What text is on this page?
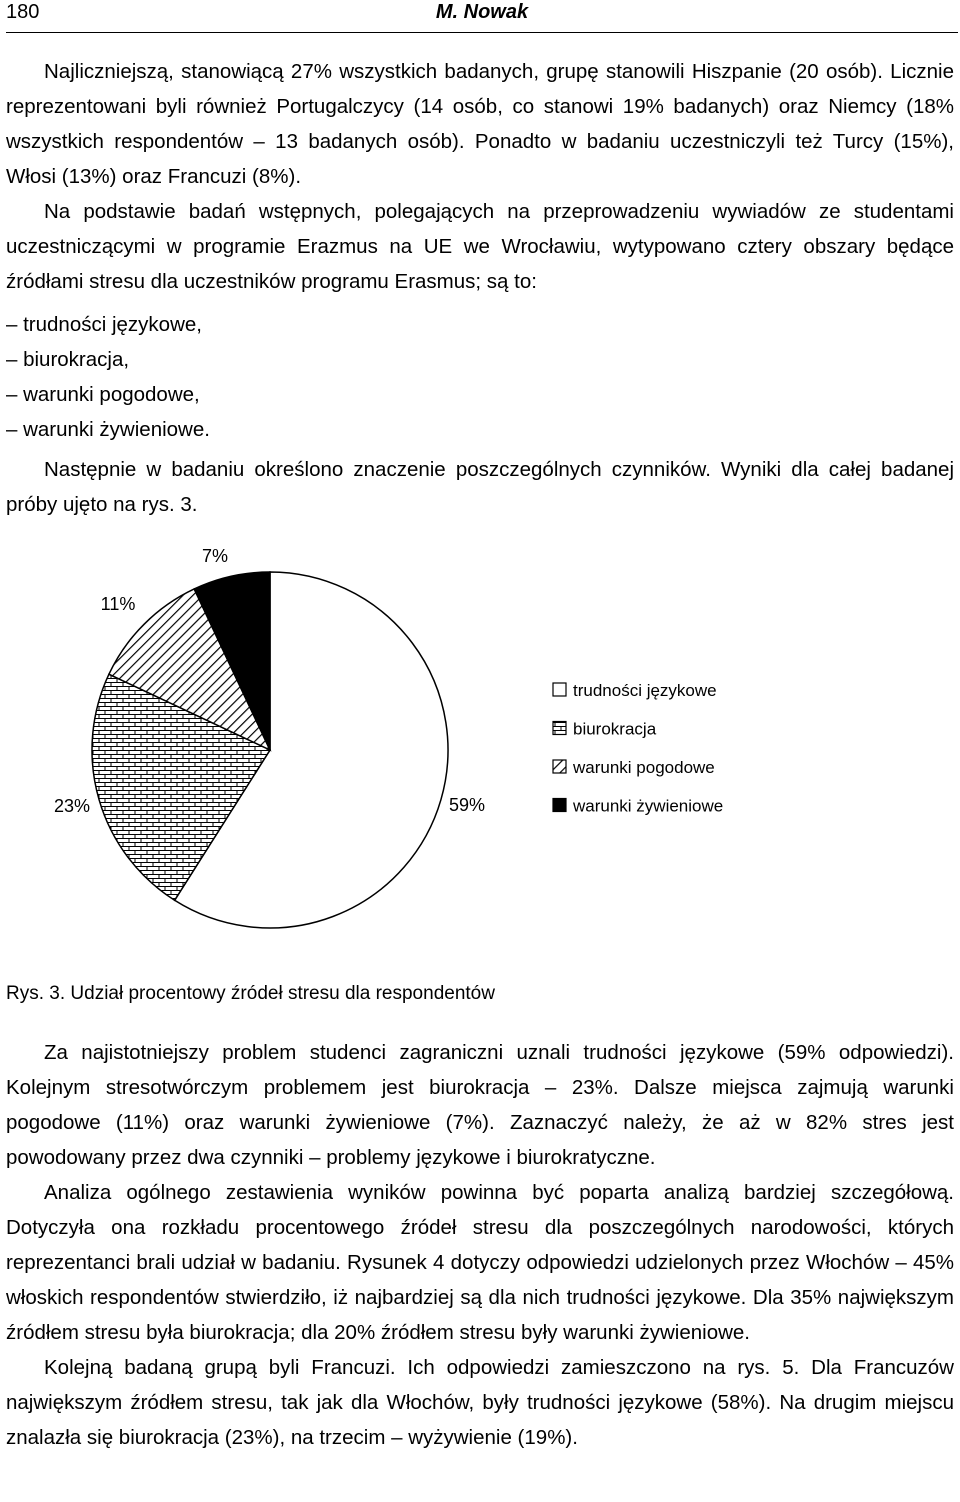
180	M. Nowak

Najliczniejszą, stanowiącą 27% wszystkich badanych, grupę stanowili Hiszpanie (20 osób). Licznie reprezentowani byli również Portugalczycy (14 osób, co stanowi 19% badanych) oraz Niemcy (18% wszystkich respondentów – 13 badanych osób). Ponadto w badaniu uczestniczyli też Turcy (15%), Włosi (13%) oraz Francuzi (8%).

Na podstawie badań wstępnych, polegających na przeprowadzeniu wywiadów ze studentami uczestniczącymi w programie Erazmus na UE we Wrocławiu, wytypowano cztery obszary będące źródłami stresu dla uczestników programu Erasmus; są to:

– trudności językowe,
– biurokracja,
– warunki pogodowe,
– warunki żywieniowe.

Następnie w badaniu określono znaczenie poszczególnych czynników. Wyniki dla całej badanej próby ujęto na rys. 3.

59%
23%
11%
7%
trudności językowe
biurokracja
warunki pogodowe
warunki żywieniowe
Rys. 3. Udział procentowy źródeł stresu dla respondentów

Za najistotniejszy problem studenci zagraniczni uznali trudności językowe (59% odpowiedzi). Kolejnym stresotwórczym problemem jest biurokracja – 23%. Dalsze miejsca zajmują warunki pogodowe (11%) oraz warunki żywieniowe (7%). Zaznaczyć należy, że aż w 82% stres jest powodowany przez dwa czynniki – problemy językowe i biurokratyczne.

Analiza ogólnego zestawienia wyników powinna być poparta analizą bardziej szczegółową. Dotyczyła ona rozkładu procentowego źródeł stresu dla poszczególnych narodowości, których reprezentanci brali udział w badaniu. Rysunek 4 dotyczy odpowiedzi udzielonych przez Włochów – 45% włoskich respondentów stwierdziło, iż najbardziej są dla nich trudności językowe. Dla 35% największym źródłem stresu była biurokracja; dla 20% źródłem stresu były warunki żywieniowe.

Kolejną badaną grupą byli Francuzi. Ich odpowiedzi zamieszczono na rys. 5. Dla Francuzów największym źródłem stresu, tak jak dla Włochów, były trudności językowe (58%). Na drugim miejscu znalazła się biurokracja (23%), na trzecim – wyżywienie (19%).
